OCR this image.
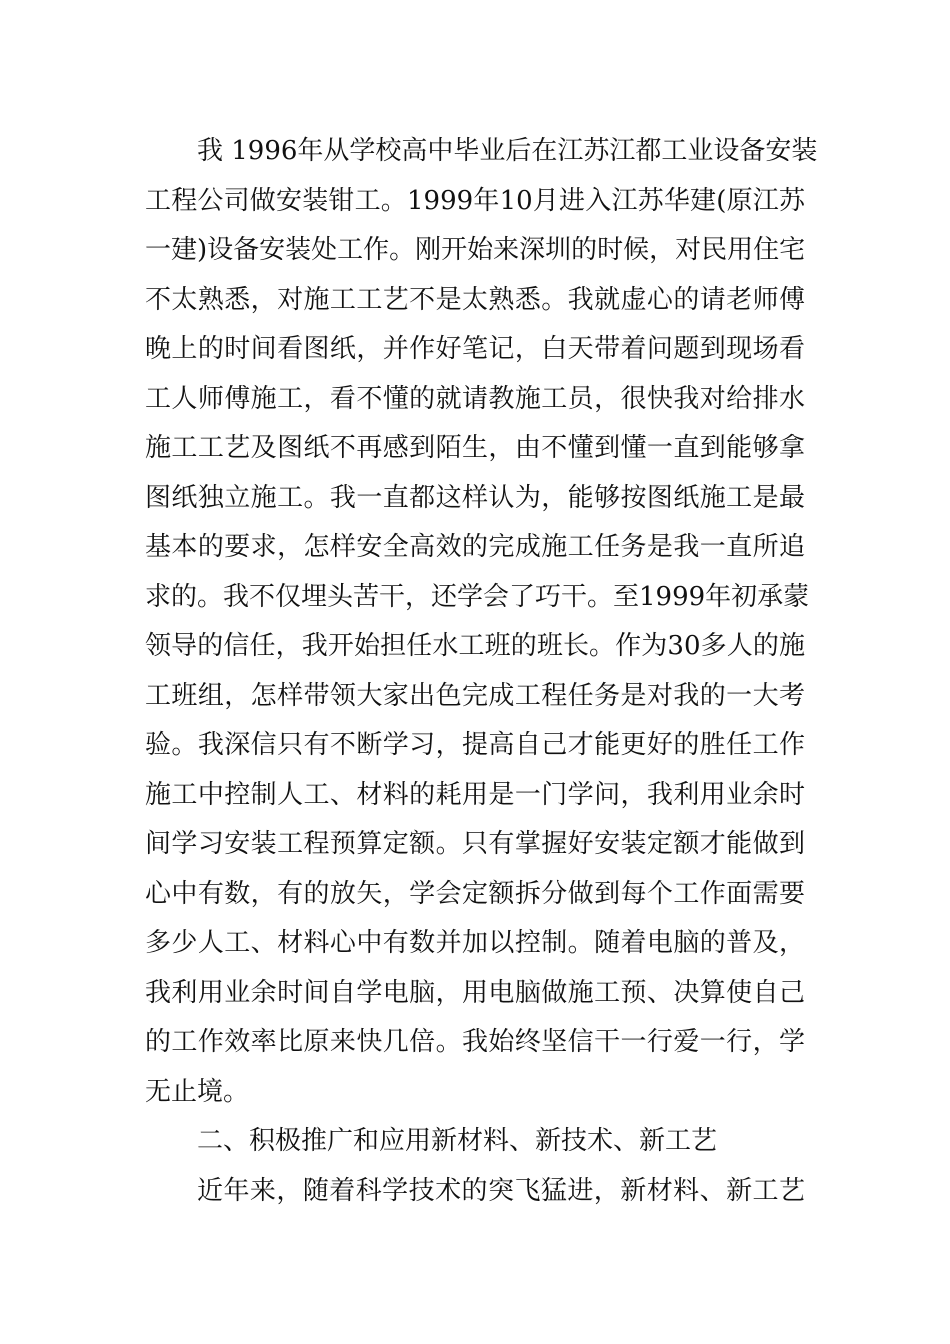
我 1996年从学校高中毕业后在江苏江都工业设备安装
工程公司做安装钳工。1999年10月进入江苏华建(原江苏
一建)设备安装处工作。刚开始来深圳的时候，对民用住宅
不太熟悉，对施工工艺不是太熟悉。我就虚心的请老师傅
晚上的时间看图纸，并作好笔记，白天带着问题到现场看
工人师傅施工，看不懂的就请教施工员，很快我对给排水
施工工艺及图纸不再感到陌生，由不懂到懂一直到能够拿
图纸独立施工。我一直都这样认为，能够按图纸施工是最
基本的要求，怎样安全高效的完成施工任务是我一直所追
求的。我不仅埋头苦干，还学会了巧干。至1999年初承蒙
领导的信任，我开始担任水工班的班长。作为30多人的施
工班组，怎样带领大家出色完成工程任务是对我的一大考
验。我深信只有不断学习，提高自己才能更好的胜任工作
施工中控制人工、材料的耗用是一门学问，我利用业余时
间学习安装工程预算定额。只有掌握好安装定额才能做到
心中有数，有的放矢，学会定额拆分做到每个工作面需要
多少人工、材料心中有数并加以控制。随着电脑的普及，
我利用业余时间自学电脑，用电脑做施工预、决算使自己
的工作效率比原来快几倍。我始终坚信干一行爱一行，学
无止境。
二、积极推广和应用新材料、新技术、新工艺
近年来，随着科学技术的突飞猛进，新材料、新工艺
